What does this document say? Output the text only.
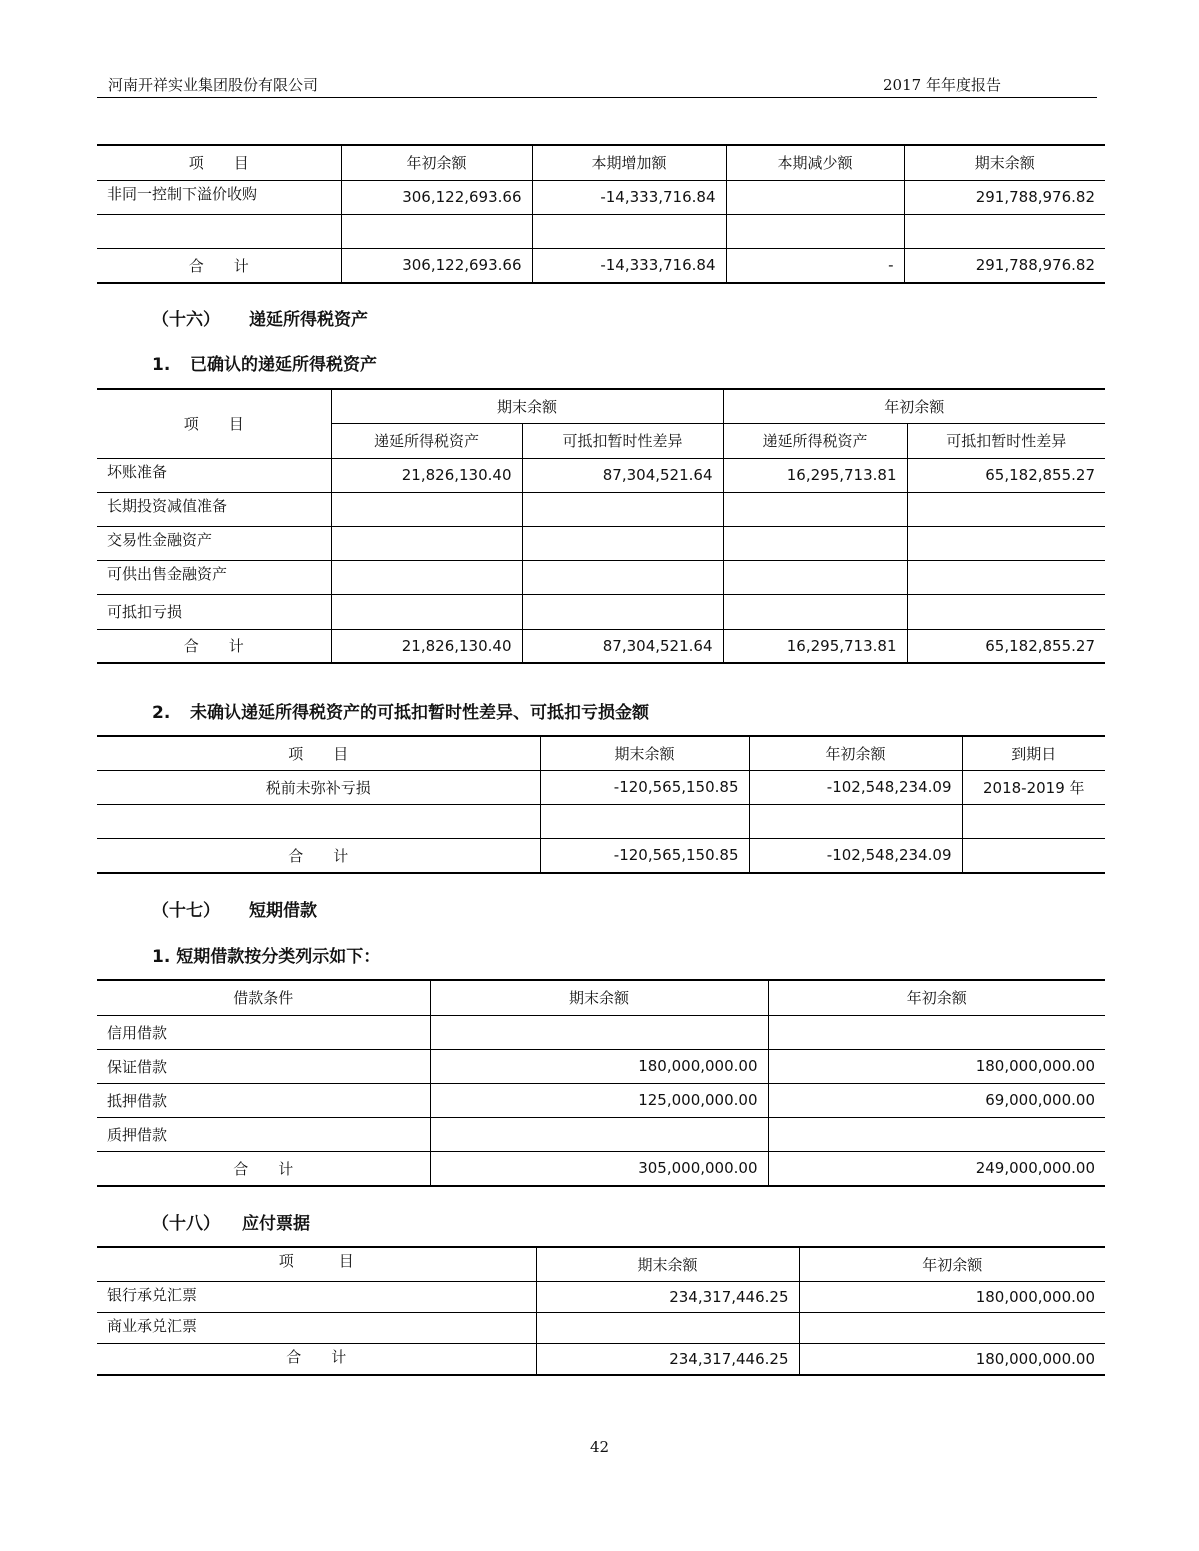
河南开祥实业集团股份有限公司	2017 年年度报告
项　　目	年初余额	本期增加额	本期减少额	期末余额
非同一控制下溢价收购	306,122,693.66	-14,333,716.84		291,788,976.82

合　　计	306,122,693.66	-14,333,716.84	-	291,788,976.82
（十六） 递延所得税资产
1. 已确认的递延所得税资产
项　　目	期末余额		年初余额	
	递延所得税资产	可抵扣暂时性差异	递延所得税资产	可抵扣暂时性差异
坏账准备	21,826,130.40	87,304,521.64	16,295,713.81	65,182,855.27
长期投资减值准备				
交易性金融资产				
可供出售金融资产				
可抵扣亏损				
合　　计	21,826,130.40	87,304,521.64	16,295,713.81	65,182,855.27
2. 未确认递延所得税资产的可抵扣暂时性差异、可抵扣亏损金额
项　　目	期末余额	年初余额	到期日
税前未弥补亏损	-120,565,150.85	-102,548,234.09	2018-2019 年

合　　计	-120,565,150.85	-102,548,234.09	
（十七） 短期借款
1. 短期借款按分类列示如下：
借款条件	期末余额	年初余额
信用借款		
保证借款	180,000,000.00	180,000,000.00
抵押借款	125,000,000.00	69,000,000.00
质押借款		
合　　计	305,000,000.00	249,000,000.00
（十八） 应付票据
项　　　目	期末余额	年初余额
银行承兑汇票	234,317,446.25	180,000,000.00
商业承兑汇票		
合　　计	234,317,446.25	180,000,000.00
42
